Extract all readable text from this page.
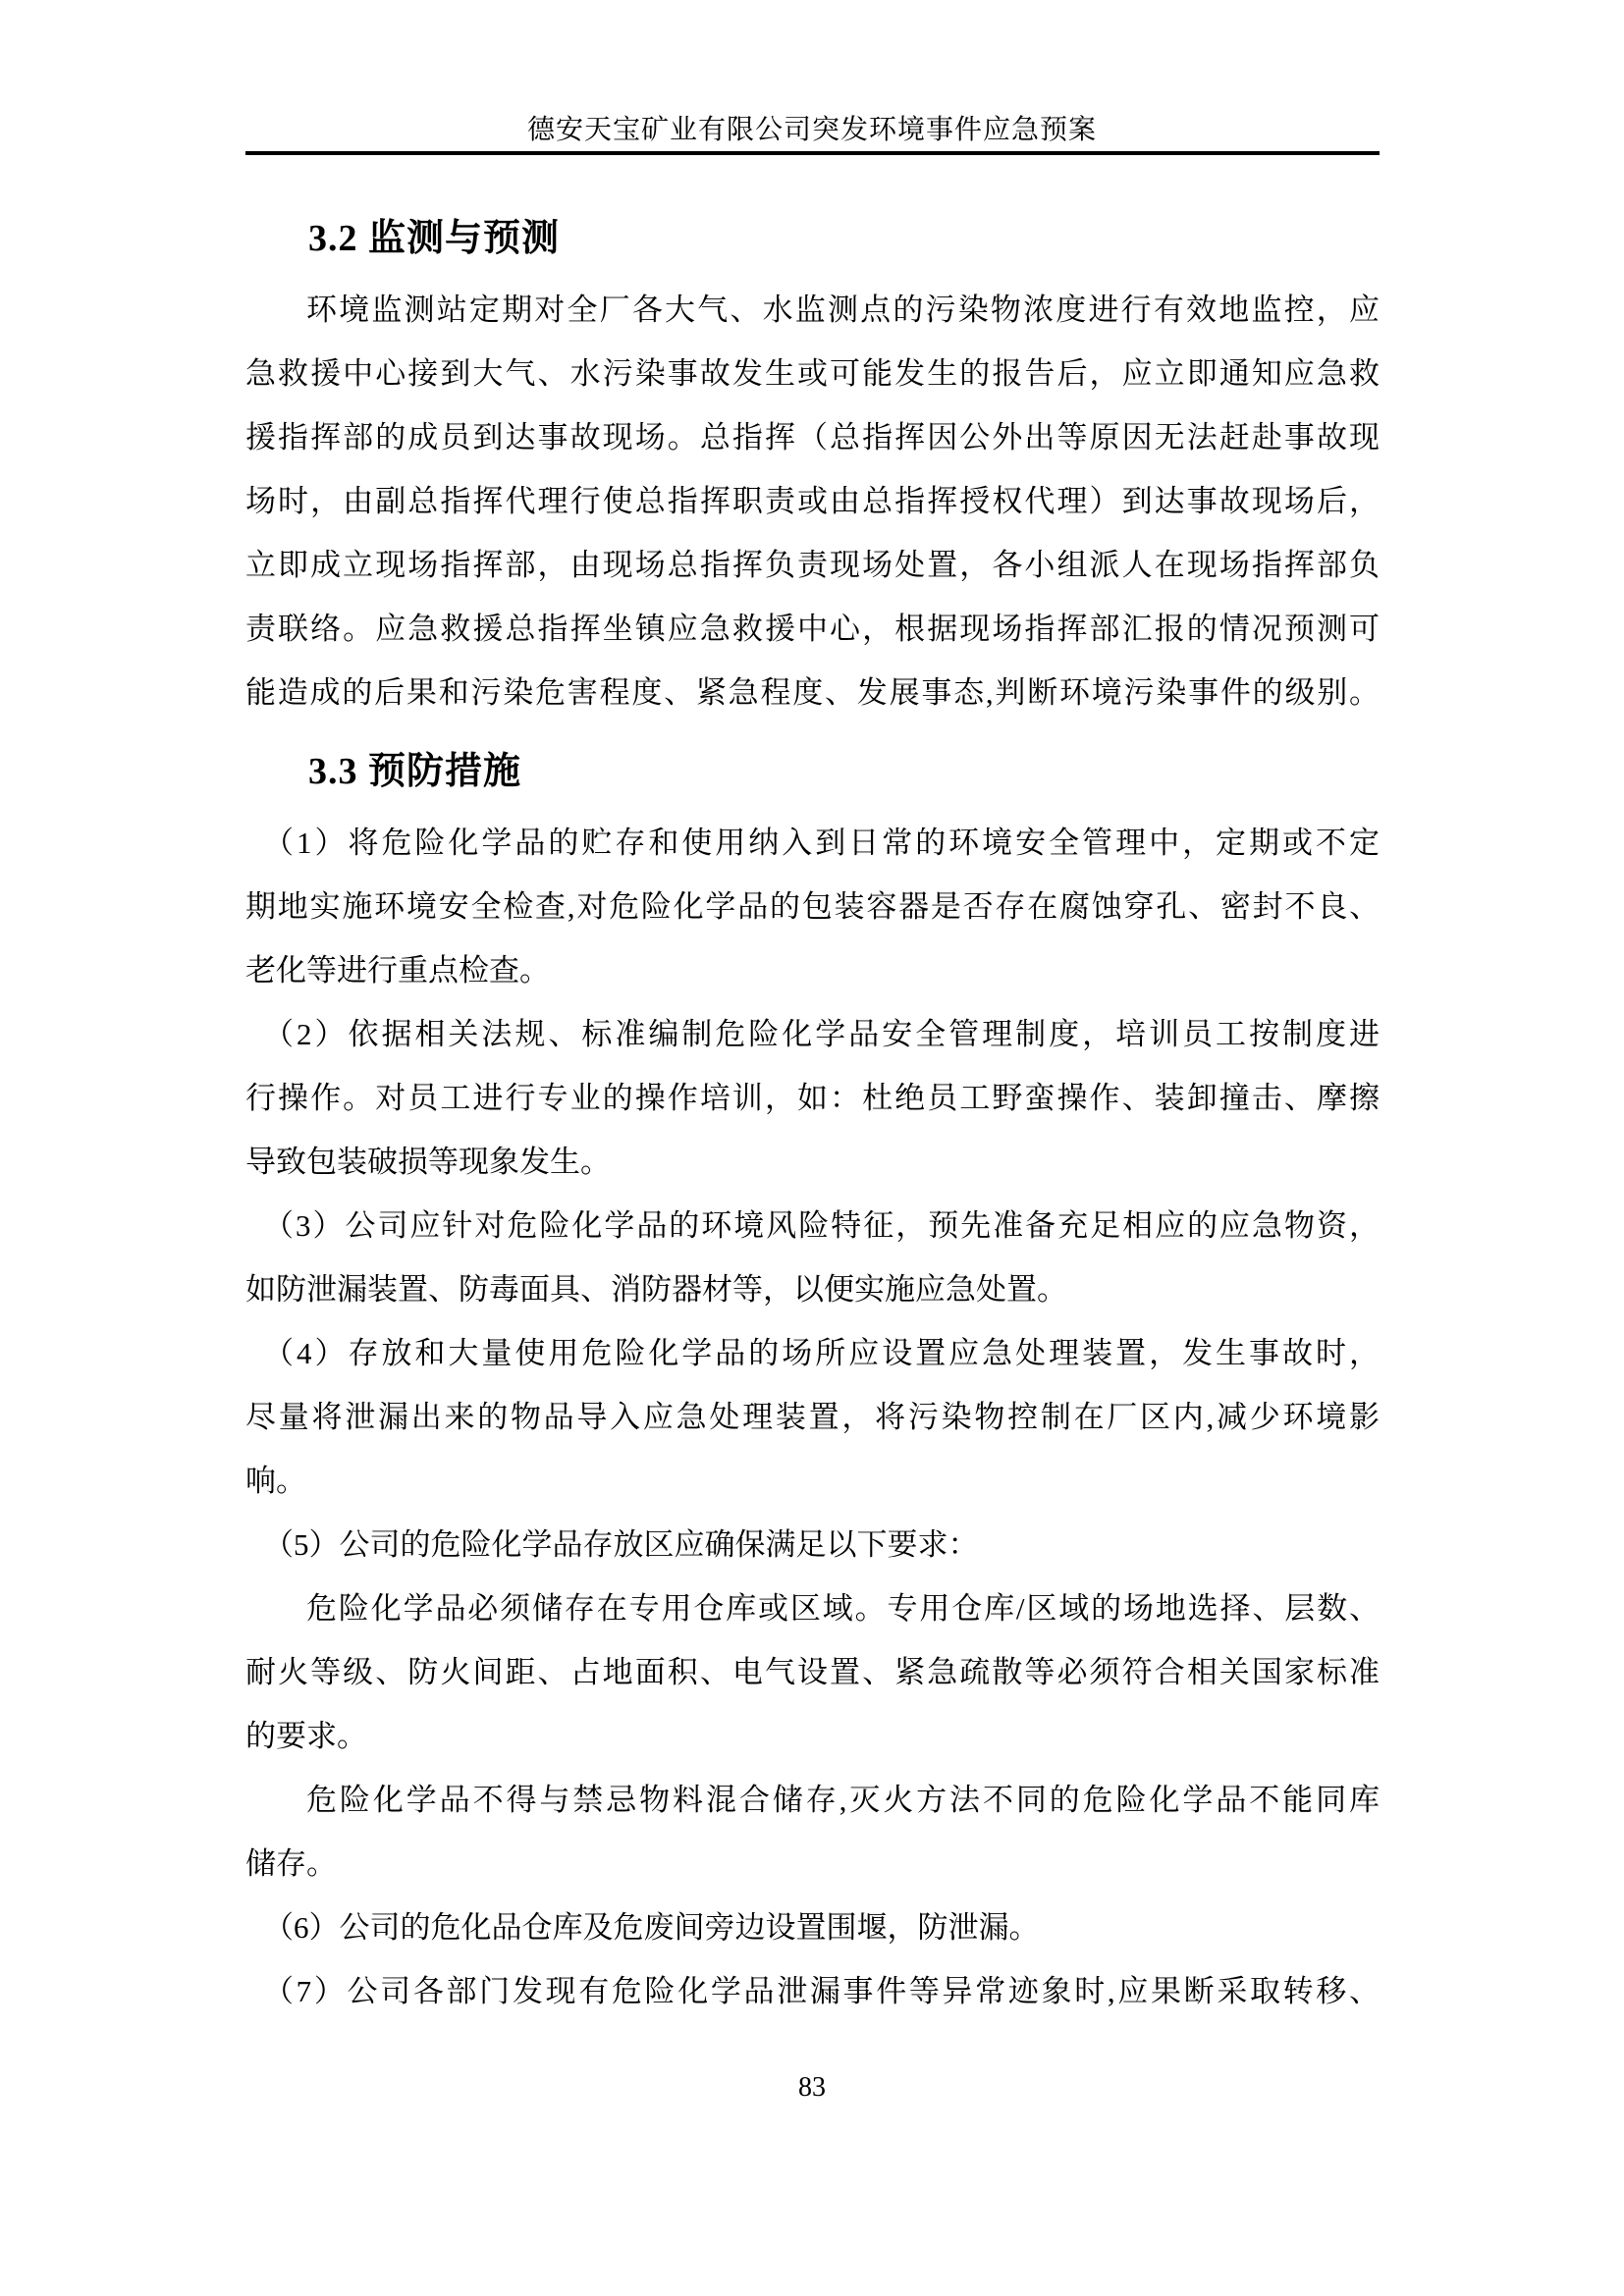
德安天宝矿业有限公司突发环境事件应急预案
3.2 监测与预测
环境监测站定期对全厂各大气、水监测点的污染物浓度进行有效地监控，应
急救援中心接到大气、水污染事故发生或可能发生的报告后，应立即通知应急救
援指挥部的成员到达事故现场。总指挥（总指挥因公外出等原因无法赶赴事故现
场时，由副总指挥代理行使总指挥职责或由总指挥授权代理）到达事故现场后，
立即成立现场指挥部，由现场总指挥负责现场处置，各小组派人在现场指挥部负
责联络。应急救援总指挥坐镇应急救援中心，根据现场指挥部汇报的情况预测可
能造成的后果和污染危害程度、紧急程度、发展事态,判断环境污染事件的级别。
3.3 预防措施
（1）将危险化学品的贮存和使用纳入到日常的环境安全管理中，定期或不定
期地实施环境安全检查,对危险化学品的包装容器是否存在腐蚀穿孔、密封不良、
老化等进行重点检查。
（2）依据相关法规、标准编制危险化学品安全管理制度，培训员工按制度进
行操作。对员工进行专业的操作培训，如：杜绝员工野蛮操作、装卸撞击、摩擦
导致包装破损等现象发生。
（3）公司应针对危险化学品的环境风险特征，预先准备充足相应的应急物资，
如防泄漏装置、防毒面具、消防器材等，以便实施应急处置。
（4）存放和大量使用危险化学品的场所应设置应急处理装置，发生事故时，
尽量将泄漏出来的物品导入应急处理装置，将污染物控制在厂区内,减少环境影
响。
（5）公司的危险化学品存放区应确保满足以下要求：
危险化学品必须储存在专用仓库或区域。专用仓库/区域的场地选择、层数、
耐火等级、防火间距、占地面积、电气设置、紧急疏散等必须符合相关国家标准
的要求。
危险化学品不得与禁忌物料混合储存,灭火方法不同的危险化学品不能同库
储存。
（6）公司的危化品仓库及危废间旁边设置围堰，防泄漏。
（7）公司各部门发现有危险化学品泄漏事件等异常迹象时,应果断采取转移、
83
